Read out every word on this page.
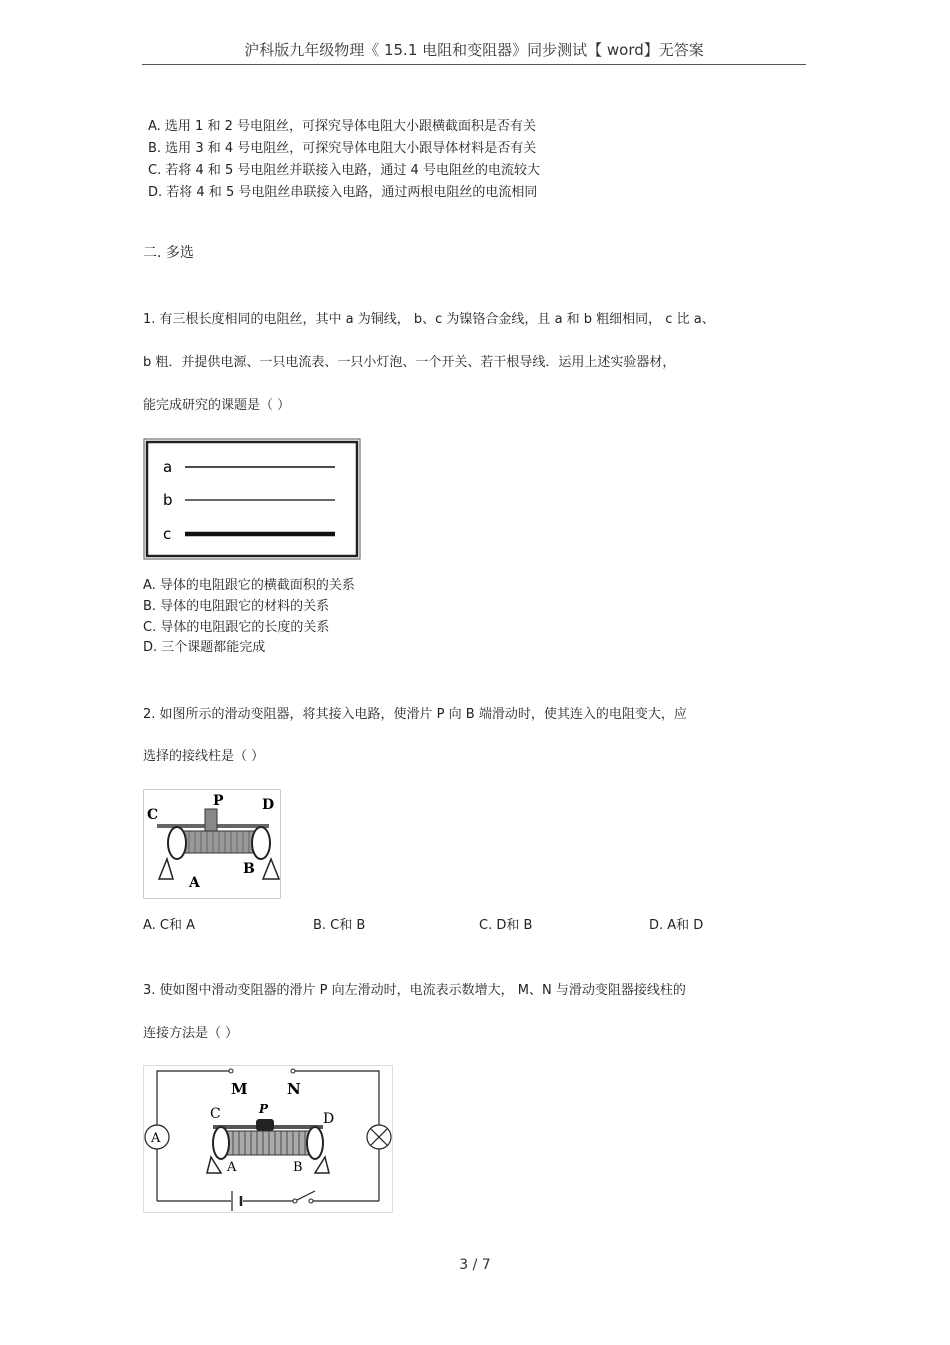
沪科版九年级物理《 15.1 电阻和变阻器》同步测试【 word】无答案
A. 选用 1 和 2 号电阻丝，可探究导体电阻大小跟横截面积是否有关
B. 选用 3 和 4 号电阻丝，可探究导体电阻大小跟导体材料是否有关
C. 若将 4 和 5 号电阻丝并联接入电路，通过 4 号电阻丝的电流较大
D. 若将 4 和 5 号电阻丝串联接入电路，通过两根电阻丝的电流相同
二. 多选
1. 有三根长度相同的电阻丝，其中 a 为铜线， b、c 为镍铬合金线，且 a 和 b 粗细相同， c 比 a、
b 粗．并提供电源、一只电流表、一只小灯泡、一个开关、若干根导线．运用上述实验器材，
能完成研究的课题是（ ）
a
b
c
A. 导体的电阻跟它的横截面积的关系
B. 导体的电阻跟它的材料的关系
C. 导体的电阻跟它的长度的关系
D. 三个课题都能完成
2. 如图所示的滑动变阻器，将其接入电路，使滑片 P 向 B 端滑动时，使其连入的电阻变大，应
选择的接线柱是（ ）
C
P	D
A
B
A. C和 A	B. C和 B	C. D和 B	D. A和 D
3. 使如图中滑动变阻器的滑片 P 向左滑动时，电流表示数增大， M、N 与滑动变阻器接线柱的
连接方法是（ ）
A
M	N
C	P
D
A	B
3 / 7
